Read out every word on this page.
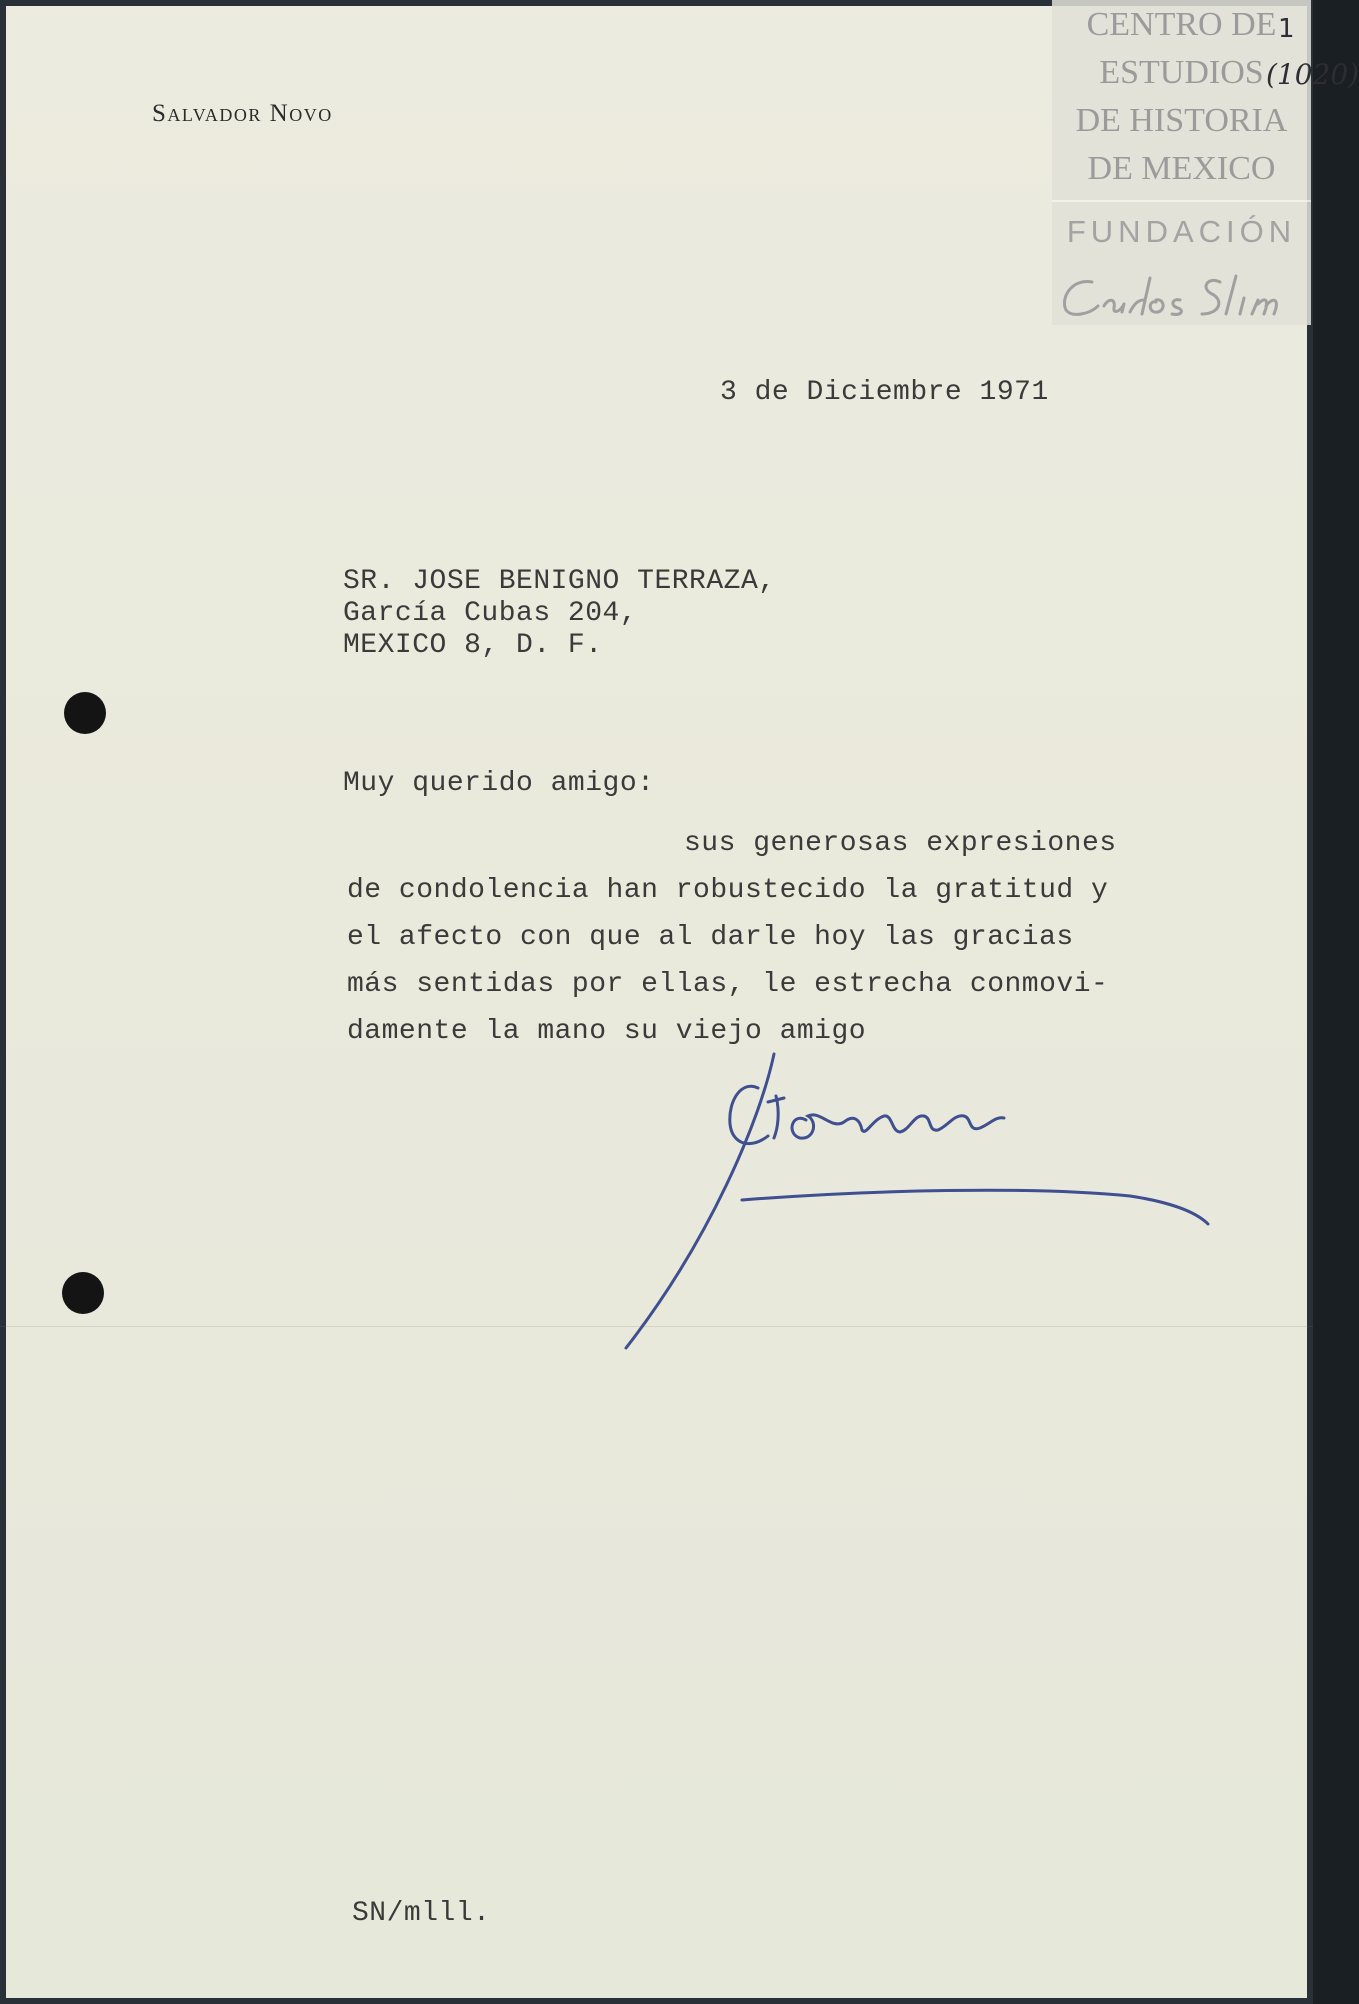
Salvador Novo
CENTRO DE
ESTUDIOS
DE HISTORIA
DE MEXICO
FUNDACIÓN
1
(1020)
3 de Diciembre 1971
SR. JOSE BENIGNO TERRAZA,
García Cubas 204,
MEXICO 8, D. F.
Muy querido amigo:
sus generosas expresiones
de condolencia han robustecido la gratitud y
el afecto con que al darle hoy las gracias
más sentidas por ellas, le estrecha conmovi-
damente la mano su viejo amigo
SN/mlll.
